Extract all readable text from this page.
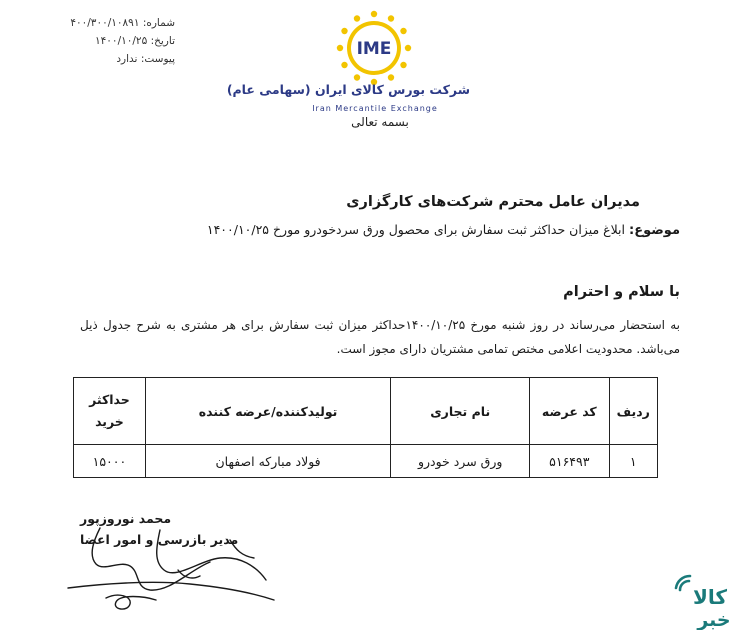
شماره: ۴۰۰/۳۰۰/۱۰۸۹۱
تاریخ: ۱۴۰۰/۱۰/۲۵
پیوست: ندارد	IME
شرکت بورس کالای ایران (سهامی عام)
Iran Mercantile Exchange
بسمه تعالی
مدیران عامل محترم شرکت‌های کارگزاری
موضوع: ابلاغ میزان حداکثر ثبت سفارش برای محصول ورق سردخودرو مورخ ۱۴۰۰/۱۰/۲۵
با سلام و احترام
به استحضار می‌رساند در روز شنبه مورخ ۱۴۰۰/۱۰/۲۵حداکثر میزان ثبت سفارش برای هر مشتری به شرح جدول ذیل می‌باشد. محدودیت اعلامی مختص تمامی مشتریان دارای مجوز است.
ردیف	کد عرضه	نام تجاری	تولیدکننده/عرضه کننده	حداکثر خرید
۱	۵۱۶۴۹۳	ورق سرد خودرو	فولاد مبارکه اصفهان	۱۵۰۰۰
محمد نوروزپور
مدیر بازرسی و امور اعضا
کالا
خبر
